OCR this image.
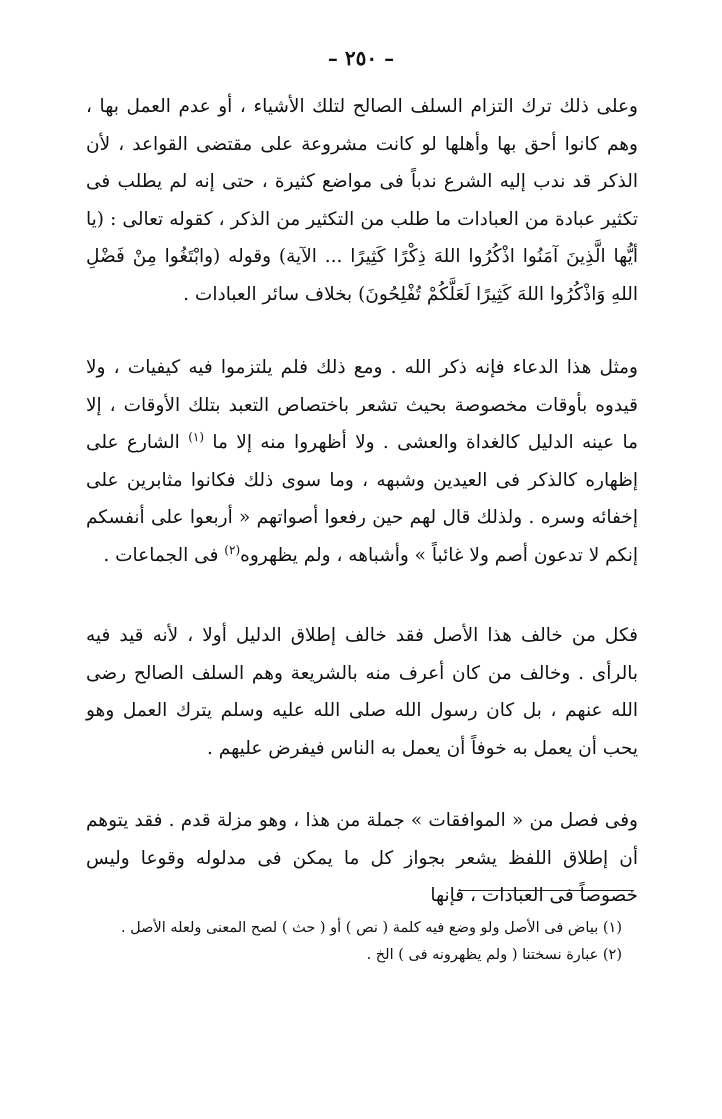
– ٢٥٠ –

وعلى ذلك ترك التزام السلف الصالح لتلك الأشياء ، أو عدم العمل بها ، وهم كانوا أحق بها وأهلها لو كانت مشروعة على مقتضى القواعد ، لأن الذكر قد ندب إليه الشرع ندباً فى مواضع كثيرة ، حتى إنه لم يطلب فى تكثير عبادة من العبادات ما طلب من التكثير من الذكر ، كقوله تعالى : (يا أيُّها الَّذِينَ آمَنُوا اذْكُرُوا اللهَ ذِكْرًا كَثِيرًا ... الآية) وقوله (وابْتَغُوا مِنْ فَضْلِ اللهِ وَاذْكُرُوا اللهَ كَثِيرًا لَعَلَّكُمْ تُفْلِحُونَ) بخلاف سائر العبادات .

ومثل هذا الدعاء فإنه ذكر الله . ومع ذلك فلم يلتزموا فيه كيفيات ، ولا قيدوه بأوقات مخصوصة بحيث تشعر باختصاص التعبد بتلك الأوقات ، إلا ما عينه الدليل كالغداة والعشى . ولا أظهروا منه إلا ما $^{(١)}$ الشارع على إظهاره كالذكر فى العيدين وشبهه ، وما سوى ذلك فكانوا مثابرين على إخفائه وسره . ولذلك قال لهم حين رفعوا أصواتهم « أربعوا على أنفسكم إنكم لا تدعون أصم ولا غائباً » وأشباهه ، ولم يظهروه$^{(٢)}$ فى الجماعات .

فكل من خالف هذا الأصل فقد خالف إطلاق الدليل أولا ، لأنه قيد فيه بالرأى . وخالف من كان أعرف منه بالشريعة وهم السلف الصالح رضى الله عنهم ، بل كان رسول الله صلى الله عليه وسلم يترك العمل وهو يحب أن يعمل به خوفاً أن يعمل به الناس فيفرض عليهم .

وفى فصل من « الموافقات » جملة من هذا ، وهو مزلة قدم . فقد يتوهم أن إطلاق اللفظ يشعر بجواز كل ما يمكن فى مدلوله وقوعا وليس خصوصاً فى العبادات ، فإنها

(١) بياض فى الأصل ولو وضع فيه كلمة ( نص ) أو ( حث ) لصح المعنى ولعله الأصل .
(٢) عبارة نسختنا ( ولم يظهرونه فى ) الخ .
